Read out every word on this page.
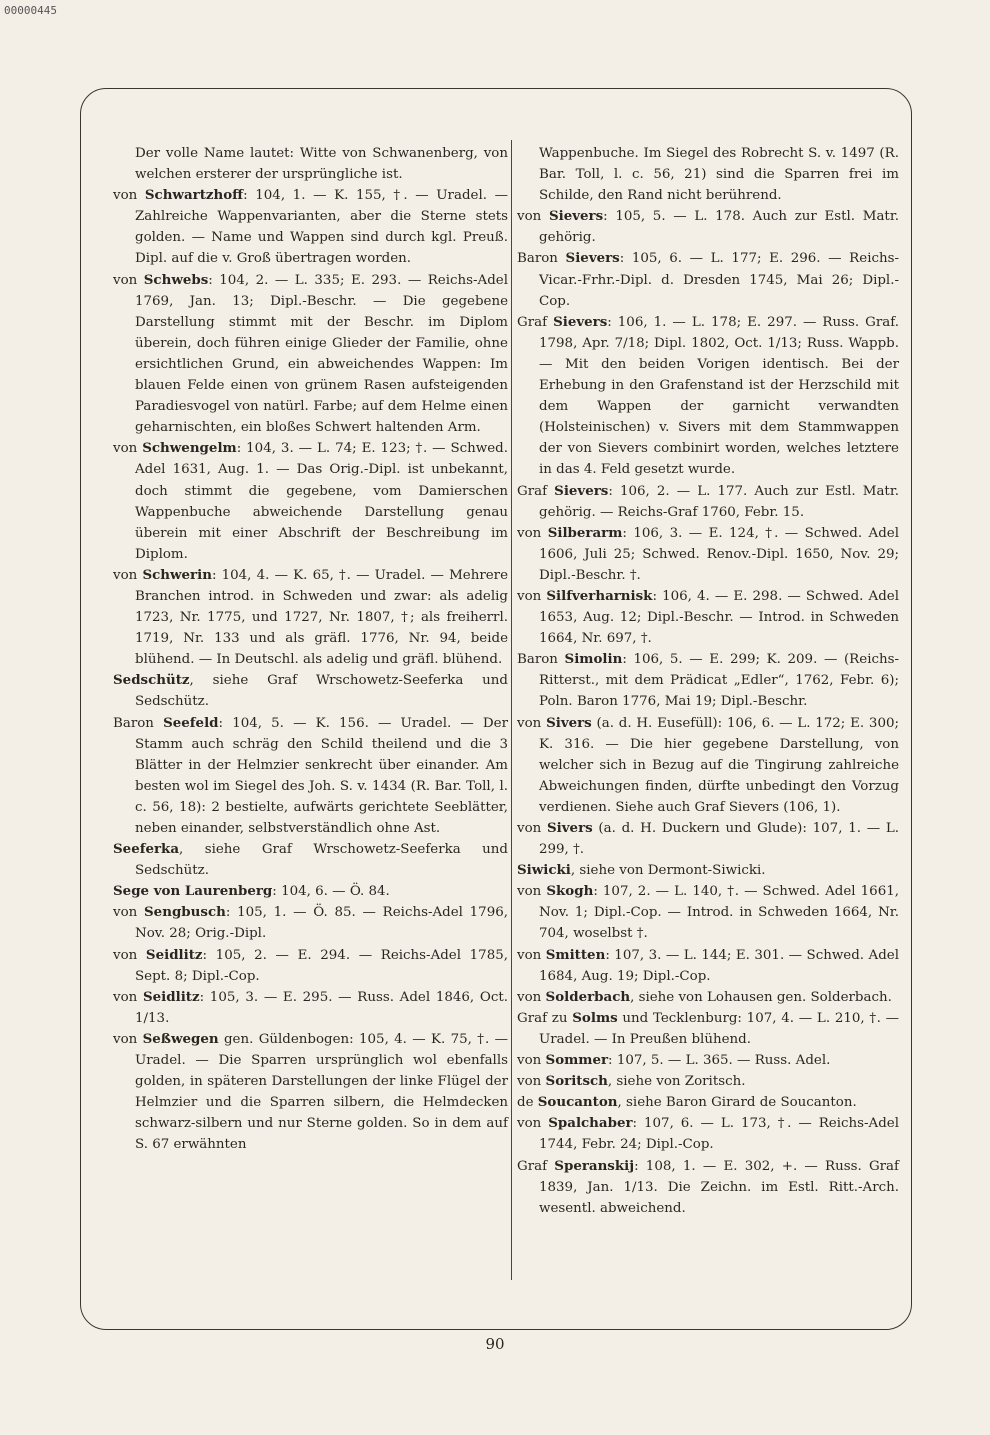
00000445

Der volle Name lautet: Witte von Schwanenberg, von welchen ersterer der ursprüngliche ist.

von Schwartzhoff: 104, 1. — K. 155, †. — Uradel. — Zahlreiche Wappenvarianten, aber die Sterne stets golden. — Name und Wappen sind durch kgl. Preuß. Dipl. auf die v. Groß übertragen worden.

von Schwebs: 104, 2. — L. 335; E. 293. — Reichs-Adel 1769, Jan. 13; Dipl.-Beschr. — Die gegebene Darstellung stimmt mit der Beschr. im Diplom überein, doch führen einige Glieder der Familie, ohne ersichtlichen Grund, ein abweichendes Wappen: Im blauen Felde einen von grünem Rasen aufsteigenden Paradiesvogel von natürl. Farbe; auf dem Helme einen geharnischten, ein bloßes Schwert haltenden Arm.

von Schwengelm: 104, 3. — L. 74; E. 123; †. — Schwed. Adel 1631, Aug. 1. — Das Orig.-Dipl. ist unbekannt, doch stimmt die gegebene, vom Damierschen Wappenbuche abweichende Darstellung genau überein mit einer Abschrift der Beschreibung im Diplom.

von Schwerin: 104, 4. — K. 65, †. — Uradel. — Mehrere Branchen introd. in Schweden und zwar: als adelig 1723, Nr. 1775, und 1727, Nr. 1807, †; als freiherrl. 1719, Nr. 133 und als gräfl. 1776, Nr. 94, beide blühend. — In Deutschl. als adelig und gräfl. blühend.

Sedschütz, siehe Graf Wrschowetz-Seeferka und Sedschütz.

Baron Seefeld: 104, 5. — K. 156. — Uradel. — Der Stamm auch schräg den Schild theilend und die 3 Blätter in der Helmzier senkrecht über einander. Am besten wol im Siegel des Joh. S. v. 1434 (R. Bar. Toll, l. c. 56, 18): 2 bestielte, aufwärts gerichtete Seeblätter, neben einander, selbstverständlich ohne Ast.

Seeferka, siehe Graf Wrschowetz-Seeferka und Sedschütz.

Sege von Laurenberg: 104, 6. — Ö. 84.

von Sengbusch: 105, 1. — Ö. 85. — Reichs-Adel 1796, Nov. 28; Orig.-Dipl.

von Seidlitz: 105, 2. — E. 294. — Reichs-Adel 1785, Sept. 8; Dipl.-Cop.

von Seidlitz: 105, 3. — E. 295. — Russ. Adel 1846, Oct. 1/13.

von Seßwegen gen. Güldenbogen: 105, 4. — K. 75, †. — Uradel. — Die Sparren ursprünglich wol ebenfalls golden, in späteren Darstellungen der linke Flügel der Helmzier und die Sparren silbern, die Helmdecken schwarz-silbern und nur Sterne golden. So in dem auf S. 67 erwähnten

Wappenbuche. Im Siegel des Robrecht S. v. 1497 (R. Bar. Toll, l. c. 56, 21) sind die Sparren frei im Schilde, den Rand nicht berührend.

von Sievers: 105, 5. — L. 178. Auch zur Estl. Matr. gehörig.

Baron Sievers: 105, 6. — L. 177; E. 296. — Reichs-Vicar.-Frhr.-Dipl. d. Dresden 1745, Mai 26; Dipl.-Cop.

Graf Sievers: 106, 1. — L. 178; E. 297. — Russ. Graf. 1798, Apr. 7/18; Dipl. 1802, Oct. 1/13; Russ. Wappb. — Mit den beiden Vorigen identisch. Bei der Erhebung in den Grafenstand ist der Herzschild mit dem Wappen der garnicht verwandten (Holsteinischen) v. Sivers mit dem Stammwappen der von Sievers combinirt worden, welches letztere in das 4. Feld gesetzt wurde.

Graf Sievers: 106, 2. — L. 177. Auch zur Estl. Matr. gehörig. — Reichs-Graf 1760, Febr. 15.

von Silberarm: 106, 3. — E. 124, †. — Schwed. Adel 1606, Juli 25; Schwed. Renov.-Dipl. 1650, Nov. 29; Dipl.-Beschr. †.

von Silfverharnisk: 106, 4. — E. 298. — Schwed. Adel 1653, Aug. 12; Dipl.-Beschr. — Introd. in Schweden 1664, Nr. 697, †.

Baron Simolin: 106, 5. — E. 299; K. 209. — (Reichs-Ritterst., mit dem Prädicat „Edler“, 1762, Febr. 6); Poln. Baron 1776, Mai 19; Dipl.-Beschr.

von Sivers (a. d. H. Eusefüll): 106, 6. — L. 172; E. 300; K. 316. — Die hier gegebene Darstellung, von welcher sich in Bezug auf die Tingirung zahlreiche Abweichungen finden, dürfte unbedingt den Vorzug verdienen. Siehe auch Graf Sievers (106, 1).

von Sivers (a. d. H. Duckern und Glude): 107, 1. — L. 299, †.

Siwicki, siehe von Dermont-Siwicki.

von Skogh: 107, 2. — L. 140, †. — Schwed. Adel 1661, Nov. 1; Dipl.-Cop. — Introd. in Schweden 1664, Nr. 704, woselbst †.

von Smitten: 107, 3. — L. 144; E. 301. — Schwed. Adel 1684, Aug. 19; Dipl.-Cop.

von Solderbach, siehe von Lohausen gen. Solderbach.

Graf zu Solms und Tecklenburg: 107, 4. — L. 210, †. — Uradel. — In Preußen blühend.

von Sommer: 107, 5. — L. 365. — Russ. Adel.

von Soritsch, siehe von Zoritsch.

de Soucanton, siehe Baron Girard de Soucanton.

von Spalchaber: 107, 6. — L. 173, †. — Reichs-Adel 1744, Febr. 24; Dipl.-Cop.

Graf Speranskij: 108, 1. — E. 302, +. — Russ. Graf 1839, Jan. 1/13. Die Zeichn. im Estl. Ritt.-Arch. wesentl. abweichend.

90
